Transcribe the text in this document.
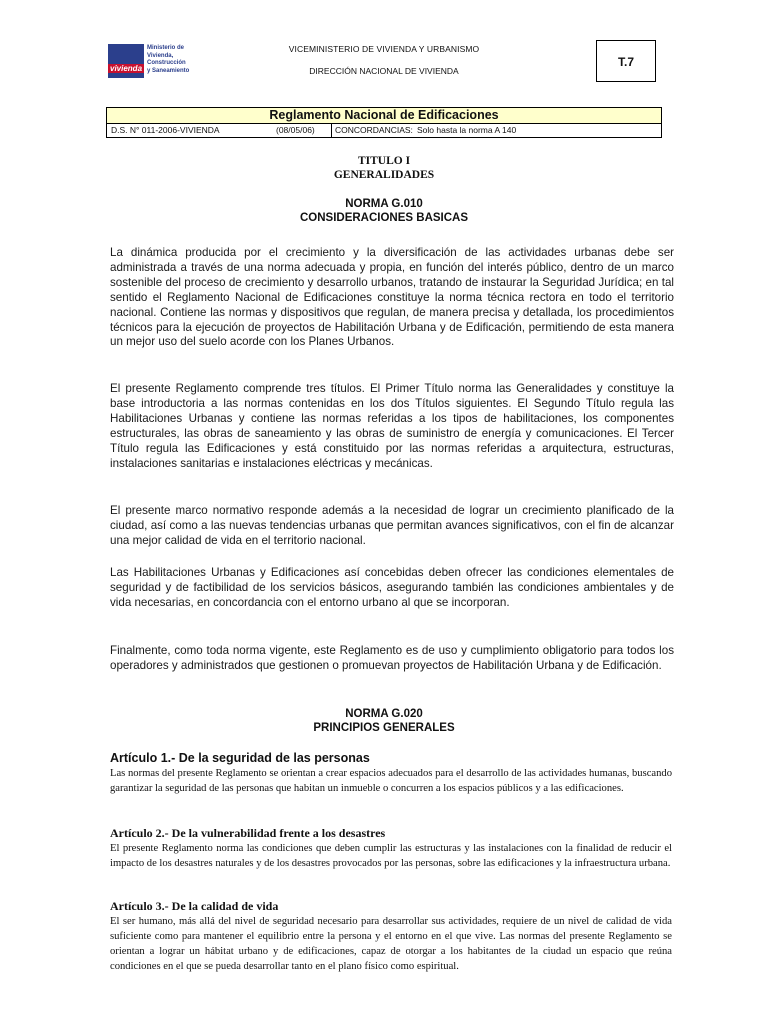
vivienda
Ministerio de
Vivienda,
Construcción
y Saneamiento
VICEMINISTERIO DE VIVIENDA Y URBANISMO
DIRECCIÓN NACIONAL DE VIVIENDA
T.7
Reglamento Nacional de Edificaciones
D.S. N° 011-2006-VIVIENDA	(08/05/06) CONCORDANCIAS: Solo hasta la norma A 140
TITULO I
GENERALIDADES
NORMA G.010
CONSIDERACIONES BASICAS
La dinámica producida por el crecimiento y la diversificación de las actividades urbanas debe ser administrada a través de una norma adecuada y propia, en función del interés público, dentro de un marco sostenible del proceso de crecimiento y desarrollo urbanos, tratando de instaurar la Seguridad Jurídica; en tal sentido el Reglamento Nacional de Edificaciones constituye la norma técnica rectora en todo el territorio nacional. Contiene las normas y dispositivos que regulan, de manera precisa y detallada, los procedimientos técnicos para la ejecución de proyectos de Habilitación Urbana y de Edificación, permitiendo de esta manera un mejor uso del suelo acorde con los Planes Urbanos.
El presente Reglamento comprende tres títulos. El Primer Título norma las Generalidades y constituye la base introductoria a las normas contenidas en los dos Títulos siguientes. El Segundo Título regula las Habilitaciones Urbanas y contiene las normas referidas a los tipos de habilitaciones, los componentes estructurales, las obras de saneamiento y las obras de suministro de energía y comunicaciones. El Tercer Título regula las Edificaciones y está constituido por las normas referidas a arquitectura, estructuras, instalaciones sanitarias e instalaciones eléctricas y mecánicas.
El presente marco normativo responde además a la necesidad de lograr un crecimiento planificado de la ciudad, así como a las nuevas tendencias urbanas que permitan avances significativos, con el fin de alcanzar una mejor calidad de vida en el territorio nacional.
Las Habilitaciones Urbanas y Edificaciones así concebidas deben ofrecer las condiciones elementales de seguridad y de factibilidad de los servicios básicos, asegurando también las condiciones ambientales y de vida necesarias, en concordancia con el entorno urbano al que se incorporan.
Finalmente, como toda norma vigente, este Reglamento es de uso y cumplimiento obligatorio para todos los operadores y administrados que gestionen o promuevan proyectos de Habilitación Urbana y de Edificación.
NORMA G.020
PRINCIPIOS GENERALES
Artículo 1.- De la seguridad de las personas
Las normas del presente Reglamento se orientan a crear espacios adecuados para el desarrollo de las actividades humanas, buscando garantizar la seguridad de las personas que habitan un inmueble o concurren a los espacios públicos y a las edificaciones.
Artículo 2.- De la vulnerabilidad frente a los desastres
El presente Reglamento norma las condiciones que deben cumplir las estructuras y las instalaciones con la finalidad de reducir el impacto de los desastres naturales y de los desastres provocados por las personas, sobre las edificaciones y la infraestructura urbana.
Artículo 3.- De la calidad de vida
El ser humano, más allá del nivel de seguridad necesario para desarrollar sus actividades, requiere de un nivel de calidad de vida suficiente como para mantener el equilibrio entre la persona y el entorno en el que vive. Las normas del presente Reglamento se orientan a lograr un hábitat urbano y de edificaciones, capaz de otorgar a los habitantes de la ciudad un espacio que reúna condiciones en el que se pueda desarrollar tanto en el plano físico como espiritual.
